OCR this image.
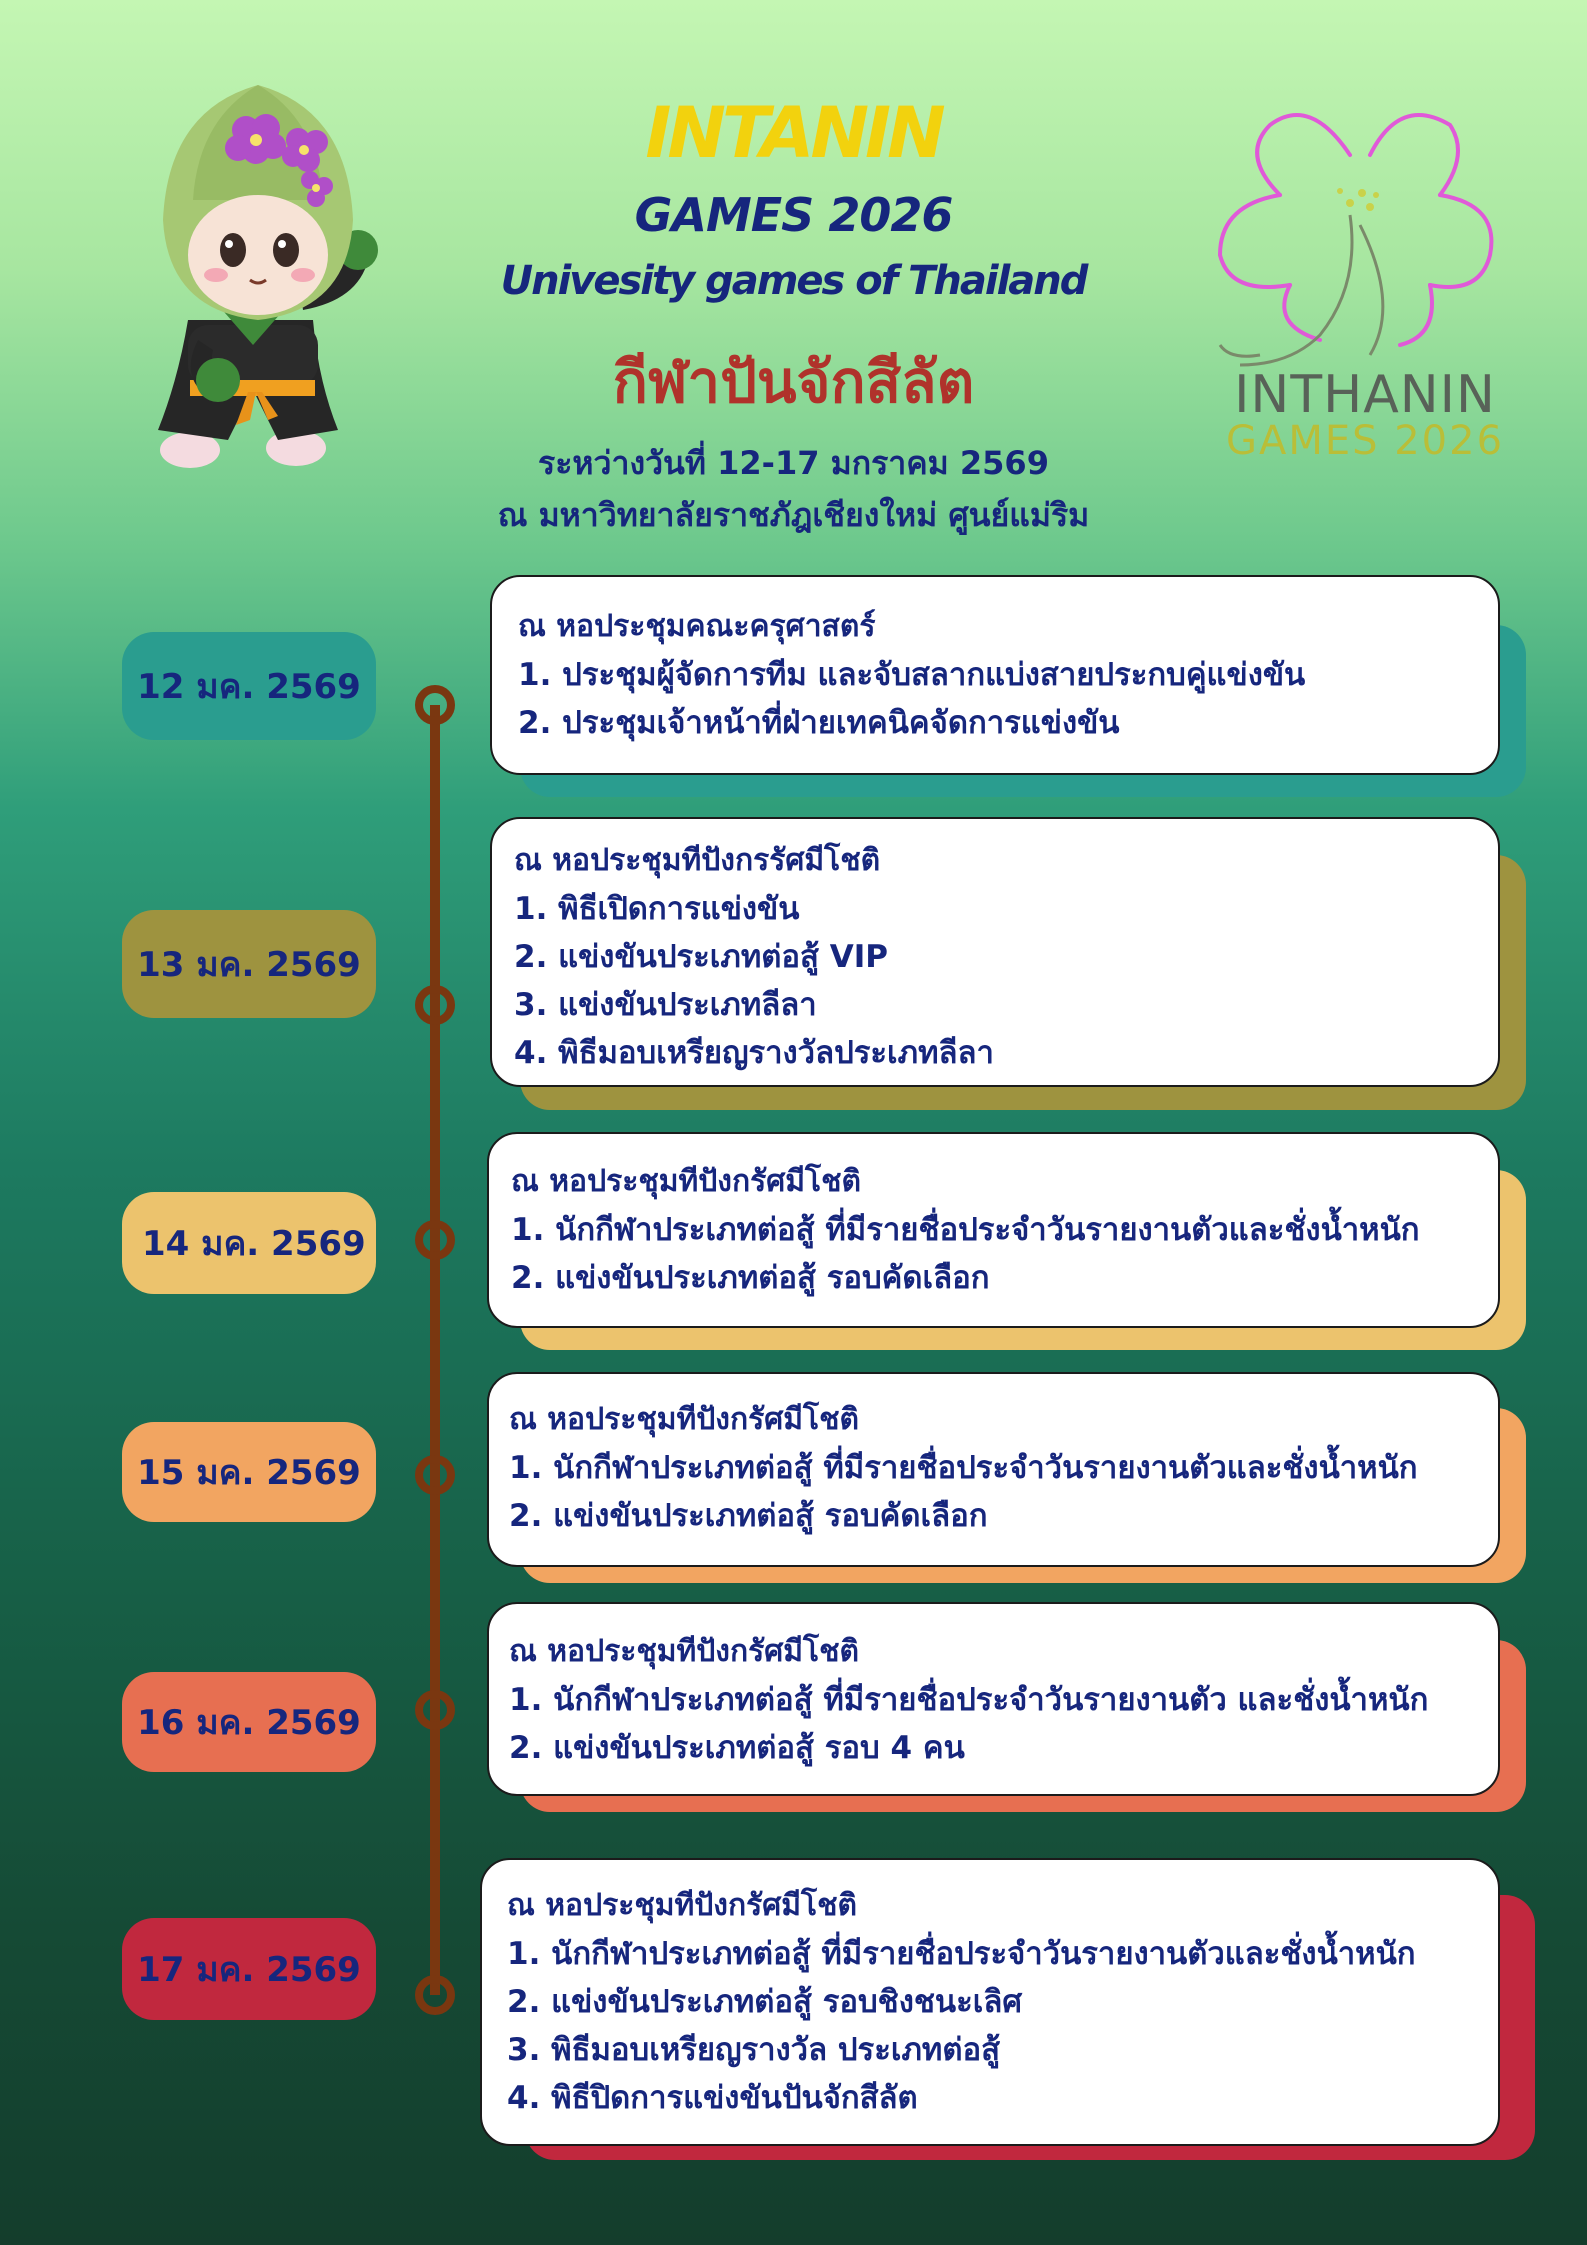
INTANIN
GAMES 2026
Univesity games of Thailand
กีฬาปันจักสีลัต
ระหว่างวันที่ 12-17 มกราคม 2569
ณ มหาวิทยาลัยราชภัฎเชียงใหม่ ศูนย์แม่ริม
INTHANIN
GAMES 2026
12 มค. 2569
ณ หอประชุมคณะครุศาสตร์
1. ประชุมผู้จัดการทีม และจับสลากแบ่งสายประกบคู่แข่งขัน
2. ประชุมเจ้าหน้าที่ฝ่ายเทคนิคจัดการแข่งขัน
13 มค. 2569
ณ หอประชุมทีปังกรรัศมีโชติ
1. พิธีเปิดการแข่งขัน
2. แข่งขันประเภทต่อสู้ VIP
3. แข่งขันประเภทลีลา
4. พิธีมอบเหรียญรางวัลประเภทลีลา
14 มค. 2569
ณ หอประชุมทีปังกรัศมีโชติ
1. นักกีฬาประเภทต่อสู้ ที่มีรายชื่อประจำวันรายงานตัวและชั่งน้ำหนัก
2. แข่งขันประเภทต่อสู้ รอบคัดเลือก
15 มค. 2569
ณ หอประชุมทีปังกรัศมีโชติ
1. นักกีฬาประเภทต่อสู้ ที่มีรายชื่อประจำวันรายงานตัวและชั่งน้ำหนัก
2. แข่งขันประเภทต่อสู้ รอบคัดเลือก
16 มค. 2569
ณ หอประชุมทีปังกรัศมีโชติ
1. นักกีฬาประเภทต่อสู้ ที่มีรายชื่อประจำวันรายงานตัว และชั่งน้ำหนัก
2. แข่งขันประเภทต่อสู้ รอบ 4 คน
17 มค. 2569
ณ หอประชุมทีปังกรัศมีโชติ
1. นักกีฬาประเภทต่อสู้ ที่มีรายชื่อประจำวันรายงานตัวและชั่งน้ำหนัก
2. แข่งขันประเภทต่อสู้ รอบชิงชนะเลิศ
3. พิธีมอบเหรียญรางวัล ประเภทต่อสู้
4. พิธีปิดการแข่งขันปันจักสีลัต
